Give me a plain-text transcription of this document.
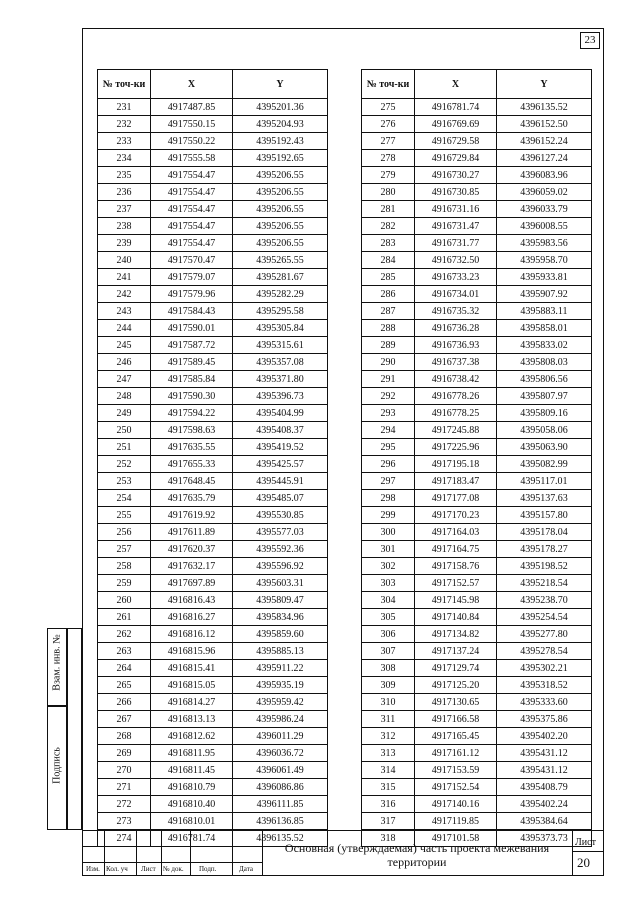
23
№ точ-ки	X	Y
231	4917487.85	4395201.36
232	4917550.15	4395204.93
233	4917550.22	4395192.43
234	4917555.58	4395192.65
235	4917554.47	4395206.55
236	4917554.47	4395206.55
237	4917554.47	4395206.55
238	4917554.47	4395206.55
239	4917554.47	4395206.55
240	4917570.47	4395265.55
241	4917579.07	4395281.67
242	4917579.96	4395282.29
243	4917584.43	4395295.58
244	4917590.01	4395305.84
245	4917587.72	4395315.61
246	4917589.45	4395357.08
247	4917585.84	4395371.80
248	4917590.30	4395396.73
249	4917594.22	4395404.99
250	4917598.63	4395408.37
251	4917635.55	4395419.52
252	4917655.33	4395425.57
253	4917648.45	4395445.91
254	4917635.79	4395485.07
255	4917619.92	4395530.85
256	4917611.89	4395577.03
257	4917620.37	4395592.36
258	4917632.17	4395596.92
259	4917697.89	4395603.31
260	4916816.43	4395809.47
261	4916816.27	4395834.96
262	4916816.12	4395859.60
263	4916815.96	4395885.13
264	4916815.41	4395911.22
265	4916815.05	4395935.19
266	4916814.27	4395959.42
267	4916813.13	4395986.24
268	4916812.62	4396011.29
269	4916811.95	4396036.72
270	4916811.45	4396061.49
271	4916810.79	4396086.86
272	4916810.40	4396111.85
273	4916810.01	4396136.85
274	4916781.74	4396135.52
№ точ-ки	X	Y
275	4916781.74	4396135.52
276	4916769.69	4396152.50
277	4916729.58	4396152.24
278	4916729.84	4396127.24
279	4916730.27	4396083.96
280	4916730.85	4396059.02
281	4916731.16	4396033.79
282	4916731.47	4396008.55
283	4916731.77	4395983.56
284	4916732.50	4395958.70
285	4916733.23	4395933.81
286	4916734.01	4395907.92
287	4916735.32	4395883.11
288	4916736.28	4395858.01
289	4916736.93	4395833.02
290	4916737.38	4395808.03
291	4916738.42	4395806.56
292	4916778.26	4395807.97
293	4916778.25	4395809.16
294	4917245.88	4395058.06
295	4917225.96	4395063.90
296	4917195.18	4395082.99
297	4917183.47	4395117.01
298	4917177.08	4395137.63
299	4917170.23	4395157.80
300	4917164.03	4395178.04
301	4917164.75	4395178.27
302	4917158.76	4395198.52
303	4917152.57	4395218.54
304	4917145.98	4395238.70
305	4917140.84	4395254.54
306	4917134.82	4395277.80
307	4917137.24	4395278.54
308	4917129.74	4395302.21
309	4917125.20	4395318.52
310	4917130.65	4395333.60
311	4917166.58	4395375.86
312	4917165.45	4395402.20
313	4917161.12	4395431.12
314	4917153.59	4395431.12
315	4917152.54	4395408.79
316	4917140.16	4395402.24
317	4917119.85	4395384.64
318	4917101.58	4395373.73
Взам. инв. №
Подпись
Изм. Кол. уч Лист № док. Подп.	Дата
Основная (утверждаемая) часть проекта межевания территории
Лист
20
